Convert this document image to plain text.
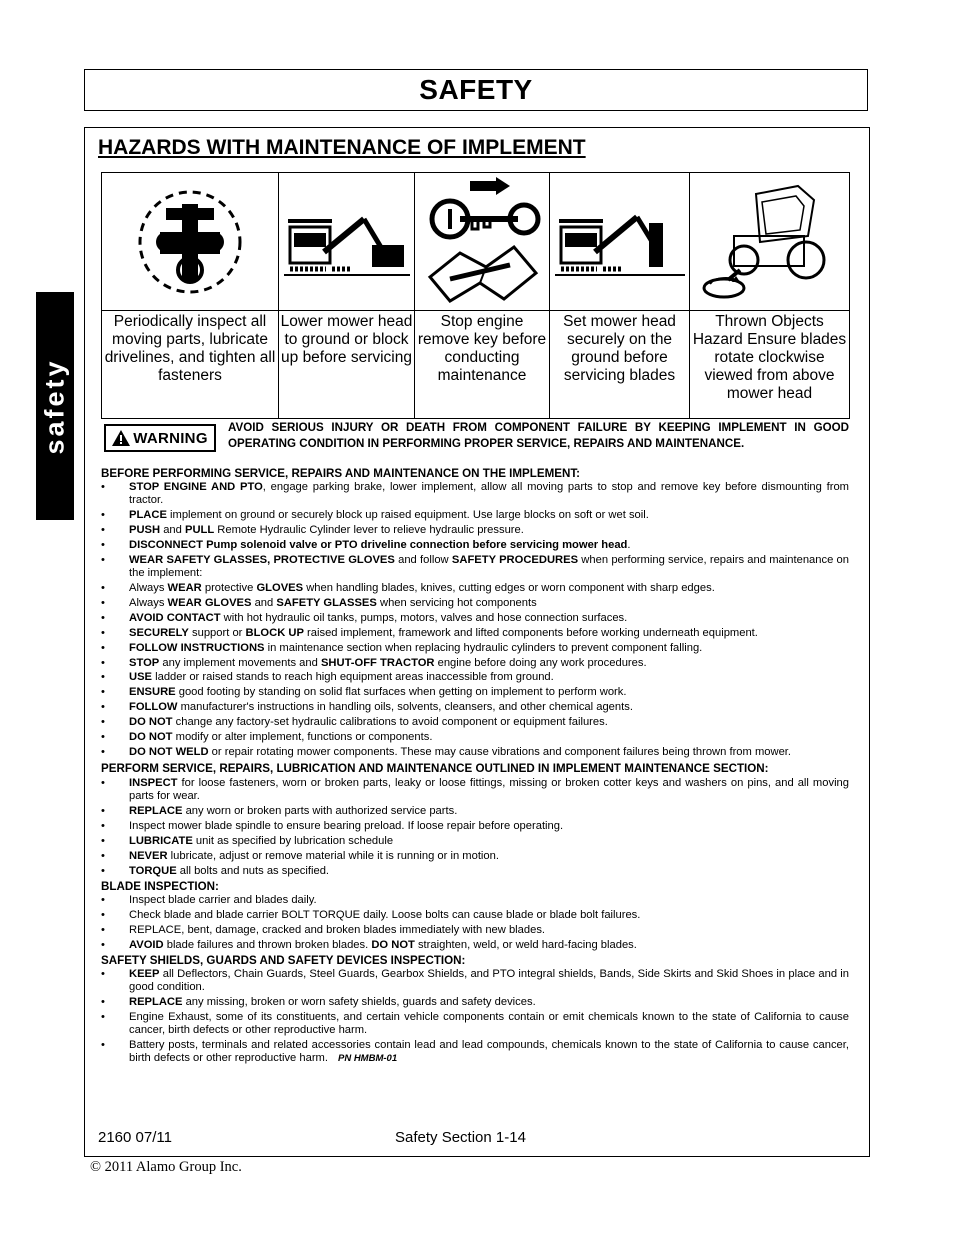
SAFETY
safety
HAZARDS WITH MAINTENANCE OF IMPLEMENT

Periodically inspect all moving parts, lubricate drivelines, and tighten all fasteners	Lower mower head to ground or block up before servicing	Stop engine remove key before conducting maintenance	Set mower head securely on the ground before servicing blades	Thrown Objects Hazard Ensure blades rotate clockwise viewed from above mower head
WARNING
AVOID SERIOUS INJURY OR DEATH FROM COMPONENT FAILURE BY KEEPING IMPLEMENT IN GOOD OPERATING CONDITION IN PERFORMING PROPER SERVICE, REPAIRS AND MAINTENANCE.
BEFORE PERFORMING SERVICE, REPAIRS AND MAINTENANCE ON THE IMPLEMENT:
• STOP ENGINE AND PTO, engage parking brake, lower implement, allow all moving parts to stop and remove key before dismounting from tractor.
• PLACE implement on ground or securely block up raised equipment. Use large blocks on soft or wet soil.
• PUSH and PULL Remote Hydraulic Cylinder lever to relieve hydraulic pressure.
• DISCONNECT Pump solenoid valve or PTO driveline connection before servicing mower head.
• WEAR SAFETY GLASSES, PROTECTIVE GLOVES and follow SAFETY PROCEDURES when performing service, repairs and maintenance on the implement:
• Always WEAR protective GLOVES when handling blades, knives, cutting edges or worn component with sharp edges.
• Always WEAR GLOVES and SAFETY GLASSES when servicing hot components
• AVOID CONTACT with hot hydraulic oil tanks, pumps, motors, valves and hose connection surfaces.
• SECURELY support or BLOCK UP raised implement, framework and lifted components before working underneath equipment.
• FOLLOW INSTRUCTIONS in maintenance section when replacing hydraulic cylinders to prevent component falling.
• STOP any implement movements and SHUT-OFF TRACTOR engine before doing any work procedures.
• USE ladder or raised stands to reach high equipment areas inaccessible from ground.
• ENSURE good footing by standing on solid flat surfaces when getting on implement to perform work.
• FOLLOW manufacturer's instructions in handling oils, solvents, cleansers, and other chemical agents.
• DO NOT change any factory-set hydraulic calibrations to avoid component or equipment failures.
• DO NOT modify or alter implement, functions or components.
• DO NOT WELD or repair rotating mower components. These may cause vibrations and component failures being thrown from mower.
PERFORM SERVICE, REPAIRS, LUBRICATION AND MAINTENANCE OUTLINED IN IMPLEMENT MAINTENANCE SECTION:
• INSPECT for loose fasteners, worn or broken parts, leaky or loose fittings, missing or broken cotter keys and washers on pins, and all moving parts for wear.
• REPLACE any worn or broken parts with authorized service parts.
• Inspect mower blade spindle to ensure bearing preload. If loose repair before operating.
• LUBRICATE unit as specified by lubrication schedule
• NEVER lubricate, adjust or remove material while it is running or in motion.
• TORQUE all bolts and nuts as specified.
BLADE INSPECTION:
• Inspect blade carrier and blades daily.
• Check blade and blade carrier BOLT TORQUE daily. Loose bolts can cause blade or blade bolt failures.
• REPLACE, bent, damage, cracked and broken blades immediately with new blades.
• AVOID blade failures and thrown broken blades. DO NOT straighten, weld, or weld hard-facing blades.
SAFETY SHIELDS, GUARDS AND SAFETY DEVICES INSPECTION:
• KEEP all Deflectors, Chain Guards, Steel Guards, Gearbox Shields, and PTO integral shields, Bands, Side Skirts and Skid Shoes in place and in good condition.
• REPLACE any missing, broken or worn safety shields, guards and safety devices.
• Engine Exhaust, some of its constituents, and certain vehicle components contain or emit chemicals known to the state of California to cause cancer, birth defects or other reproductive harm.
• Battery posts, terminals and related accessories contain lead and lead compounds, chemicals known to the state of California to cause cancer, birth defects or other reproductive harm. PN HMBM-01
2160 07/11	Safety Section 1-14
© 2011 Alamo Group Inc.
